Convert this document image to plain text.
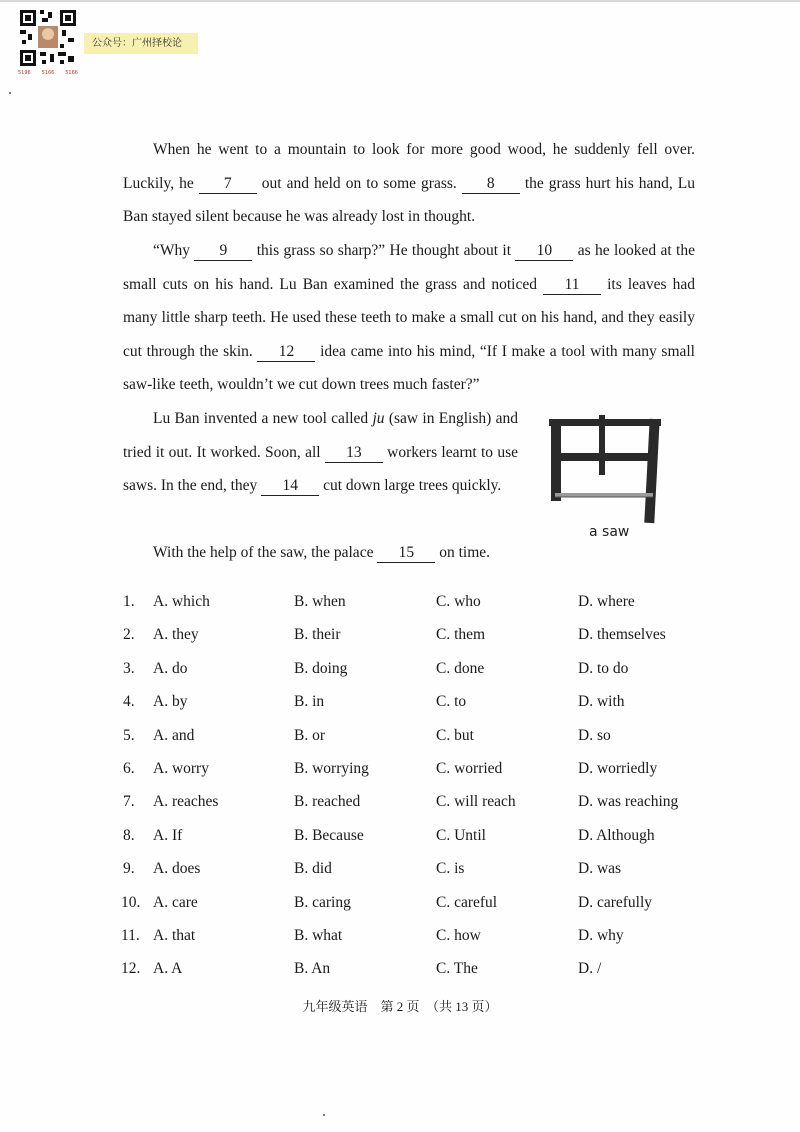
5196 5166 5166
公众号：广州择校论

When he went to a mountain to look for more good wood, he suddenly fell over. Luckily, he 7 out and held on to some grass. 8 the grass hurt his hand, Lu Ban stayed silent because he was already lost in thought.

“Why 9 this grass so sharp?” He thought about it 10 as he looked at the small cuts on his hand. Lu Ban examined the grass and noticed 11 its leaves had many little sharp teeth. He used these teeth to make a small cut on his hand, and they easily cut through the skin. 12 idea came into his mind, “If I make a tool with many small saw-like teeth, wouldn’t we cut down trees much faster?”

Lu Ban invented a new tool called ju (saw in English) and tried it out. It worked. Soon, all 13 workers learnt to use saws. In the end, they 14 cut down large trees quickly.

With the help of the saw, the palace 15 on time.

a saw
1. A. which	B. when	C. who	D. where
2. A. they	B. their	C. them	D. themselves
3. A. do	B. doing	C. done	D. to do
4. A. by	B. in	C. to	D. with
5. A. and	B. or	C. but	D. so
6. A. worry	B. worrying	C. worried	D. worriedly
7. A. reaches	B. reached	C. will reach	D. was reaching
8. A. If	B. Because	C. Until	D. Although
9. A. does	B. did	C. is	D. was
10. A. care	B. caring	C. careful	D. carefully
11. A. that	B. what	C. how	D. why
12. A. A	B. An	C. The	D. /
九年级英语　第 2 页　（共 13 页）
